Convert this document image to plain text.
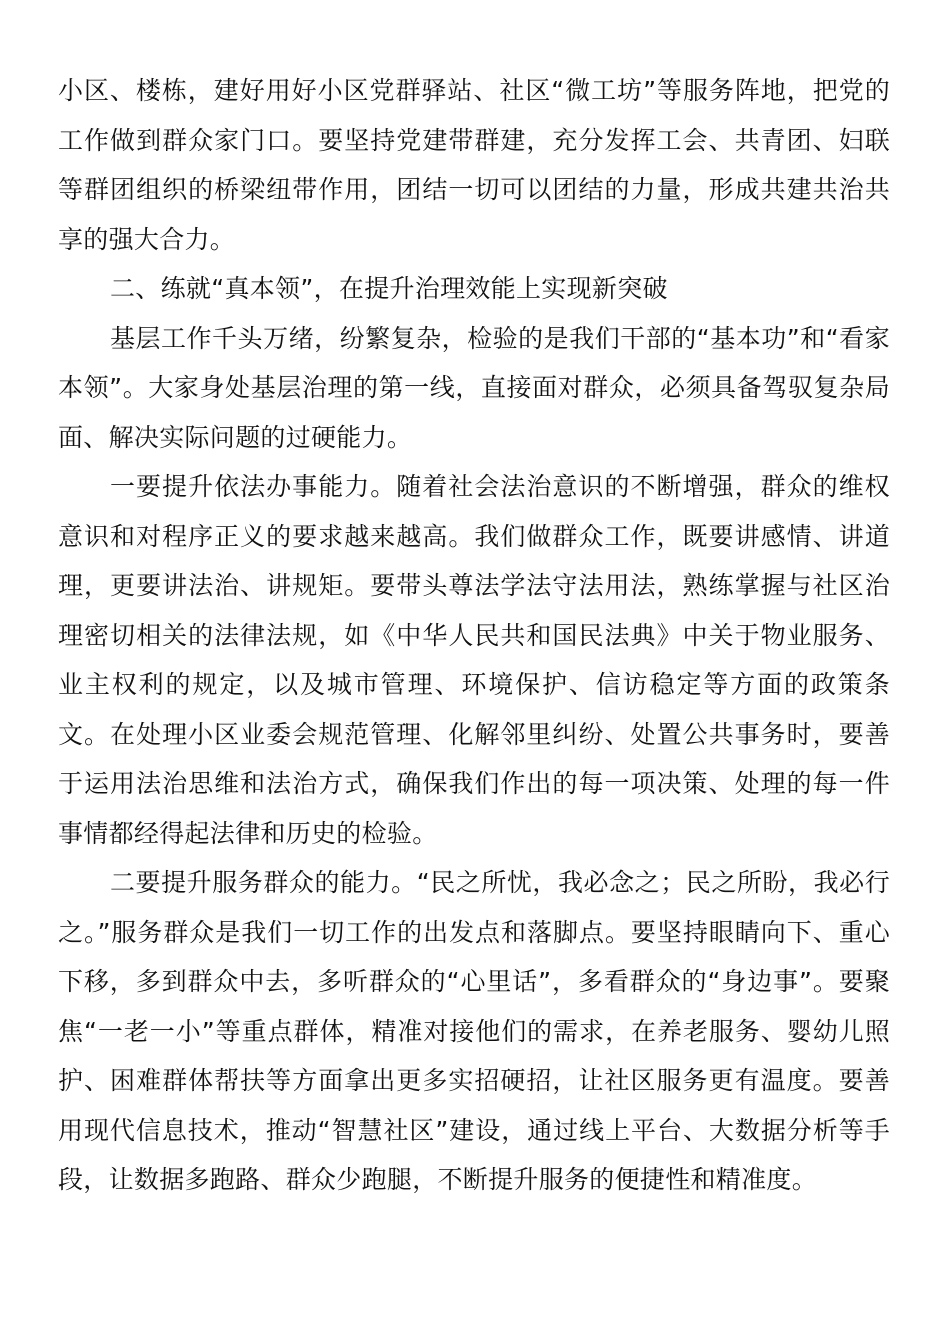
小区、楼栋，建好用好小区党群驿站、社区“微工坊”等服务阵地，把党的工作做到群众家门口。要坚持党建带群建，充分发挥工会、共青团、妇联等群团组织的桥梁纽带作用，团结一切可以团结的力量，形成共建共治共享的强大合力。

二、练就“真本领”，在提升治理效能上实现新突破

基层工作千头万绪，纷繁复杂，检验的是我们干部的“基本功”和“看家本领”。大家身处基层治理的第一线，直接面对群众，必须具备驾驭复杂局面、解决实际问题的过硬能力。

一要提升依法办事能力。随着社会法治意识的不断增强，群众的维权意识和对程序正义的要求越来越高。我们做群众工作，既要讲感情、讲道理，更要讲法治、讲规矩。要带头尊法学法守法用法，熟练掌握与社区治理密切相关的法律法规，如《中华人民共和国民法典》中关于物业服务、业主权利的规定，以及城市管理、环境保护、信访稳定等方面的政策条文。在处理小区业委会规范管理、化解邻里纠纷、处置公共事务时，要善于运用法治思维和法治方式，确保我们作出的每一项决策、处理的每一件事情都经得起法律和历史的检验。

二要提升服务群众的能力。“民之所忧，我必念之；民之所盼，我必行之。”服务群众是我们一切工作的出发点和落脚点。要坚持眼睛向下、重心下移，多到群众中去，多听群众的“心里话”，多看群众的“身边事”。要聚焦“一老一小”等重点群体，精准对接他们的需求，在养老服务、婴幼儿照护、困难群体帮扶等方面拿出更多实招硬招，让社区服务更有温度。要善用现代信息技术，推动“智慧社区”建设，通过线上平台、大数据分析等手段，让数据多跑路、群众少跑腿，不断提升服务的便捷性和精准度。
